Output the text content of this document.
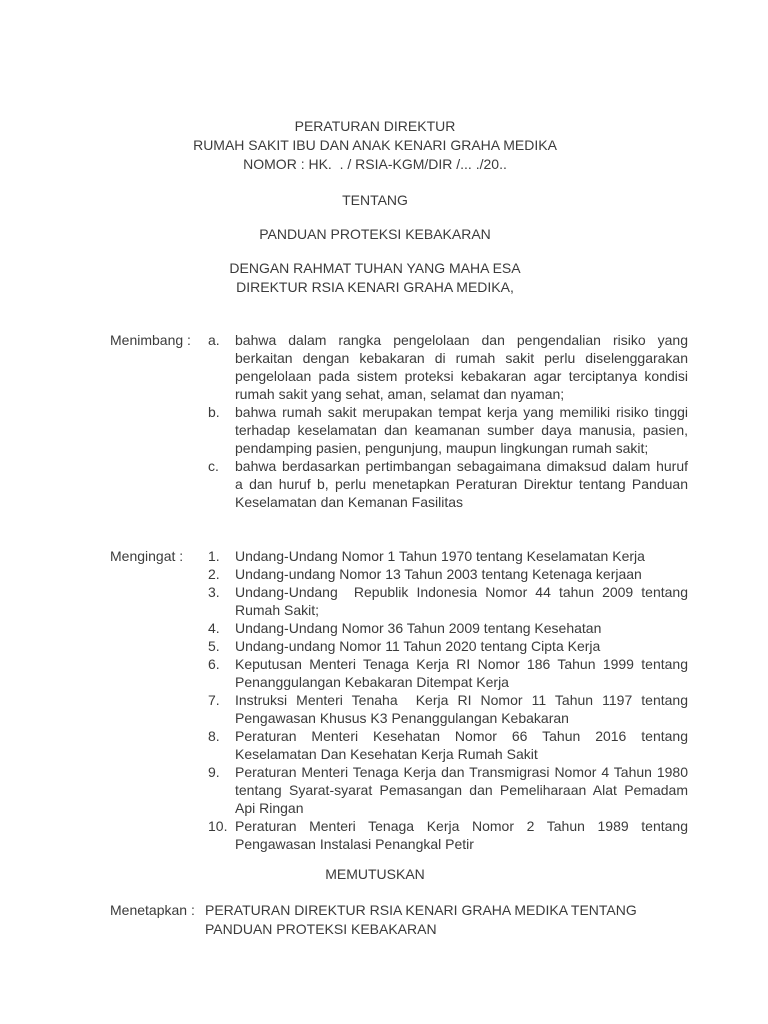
PERATURAN DIREKTUR
RUMAH SAKIT IBU DAN ANAK KENARI GRAHA MEDIKA
NOMOR : HK.  . / RSIA-KGM/DIR /... ./20..
TENTANG
PANDUAN PROTEKSI KEBAKARAN
DENGAN RAHMAT TUHAN YANG MAHA ESA
DIREKTUR RSIA KENARI GRAHA MEDIKA,
Menimbang :	a.	bahwa dalam rangka pengelolaan dan pengendalian risiko yang berkaitan dengan kebakaran di rumah sakit perlu diselenggarakan pengelolaan pada sistem proteksi kebakaran agar terciptanya kondisi rumah sakit yang sehat, aman, selamat dan nyaman;
b.	bahwa rumah sakit merupakan tempat kerja yang memiliki risiko tinggi terhadap keselamatan dan keamanan sumber daya manusia, pasien, pendamping pasien, pengunjung, maupun lingkungan rumah sakit;
c.	bahwa berdasarkan pertimbangan sebagaimana dimaksud dalam huruf a dan huruf b, perlu menetapkan Peraturan Direktur tentang Panduan Keselamatan dan Kemanan Fasilitas
Mengingat :	1.	Undang-Undang Nomor 1 Tahun 1970 tentang Keselamatan Kerja
2.	Undang-undang Nomor 13 Tahun 2003 tentang Ketenaga kerjaan
3.	Undang-Undang  Republik Indonesia Nomor 44 tahun 2009 tentang Rumah Sakit;
4.	Undang-Undang Nomor 36 Tahun 2009 tentang Kesehatan
5.	Undang-undang Nomor 11 Tahun 2020 tentang Cipta Kerja
6.	Keputusan Menteri Tenaga Kerja RI Nomor 186 Tahun 1999 tentang Penanggulangan Kebakaran Ditempat Kerja
7.	Instruksi Menteri Tenaha  Kerja RI Nomor 11 Tahun 1197 tentang Pengawasan Khusus K3 Penanggulangan Kebakaran
8.	Peraturan Menteri Kesehatan Nomor 66 Tahun 2016 tentang Keselamatan Dan Kesehatan Kerja Rumah Sakit
9.	Peraturan Menteri Tenaga Kerja dan Transmigrasi Nomor 4 Tahun 1980 tentang Syarat-syarat Pemasangan dan Pemeliharaan Alat Pemadam Api Ringan
10. Peraturan Menteri Tenaga Kerja Nomor 2 Tahun 1989 tentang Pengawasan Instalasi Penangkal Petir
MEMUTUSKAN
Menetapkan : PERATURAN DIREKTUR RSIA KENARI GRAHA MEDIKA TENTANG
PANDUAN PROTEKSI KEBAKARAN
